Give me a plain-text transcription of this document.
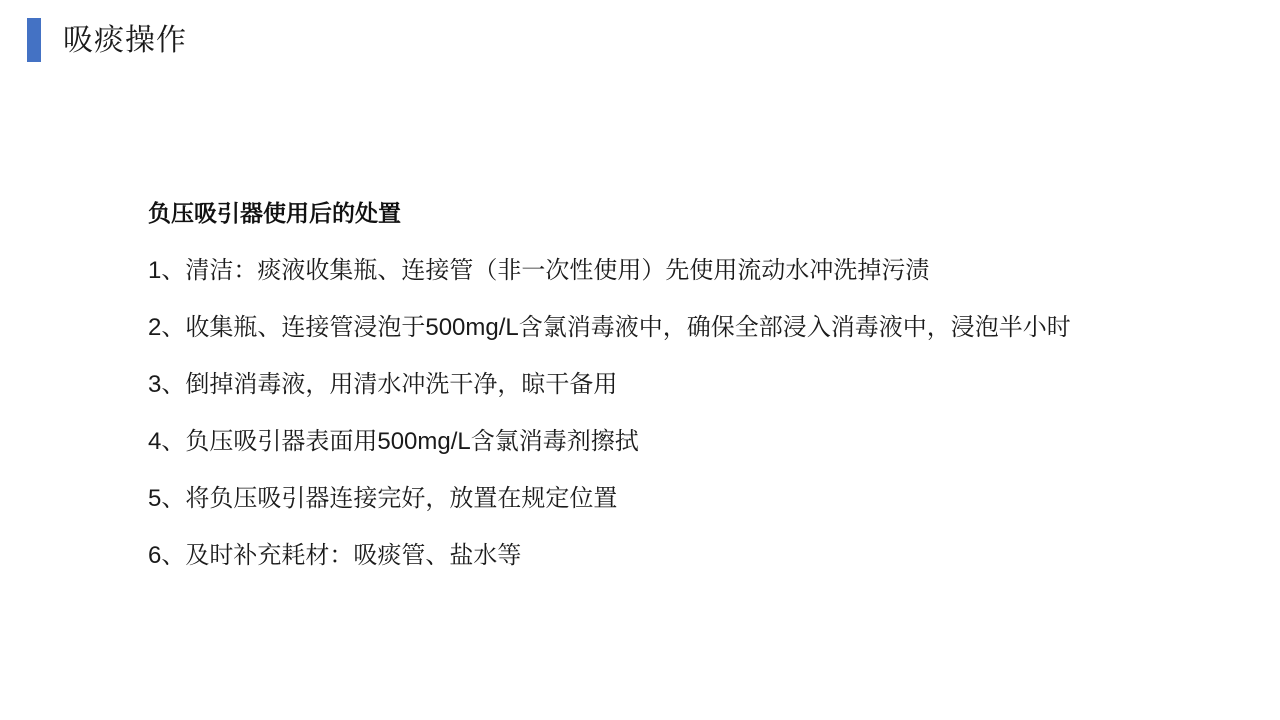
吸痰操作
负压吸引器使用后的处置
1、清洁：痰液收集瓶、连接管（非一次性使用）先使用流动水冲洗掉污渍
2、收集瓶、连接管浸泡于500mg/L含氯消毒液中，确保全部浸入消毒液中，浸泡半小时
3、倒掉消毒液，用清水冲洗干净，晾干备用
4、负压吸引器表面用500mg/L含氯消毒剂擦拭
5、将负压吸引器连接完好，放置在规定位置
6、及时补充耗材：吸痰管、盐水等
